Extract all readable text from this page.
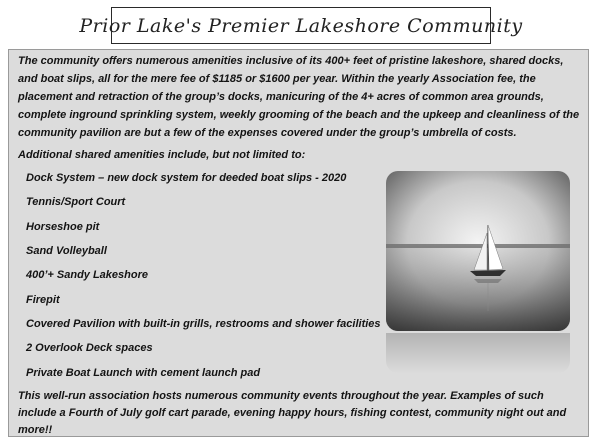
Prior Lake's Premier Lakeshore Community
The community offers numerous amenities inclusive of its 400+ feet of pristine lakeshore, shared docks,
and boat slips, all for the mere fee of $1185 or $1600 per year. Within the yearly Association fee, the
placement and retraction of the group’s docks, manicuring of the 4+ acres of common area grounds,
complete inground sprinkling system, weekly grooming of the beach and the upkeep and cleanliness of the
community pavilion are but a few of the expenses covered under the group’s umbrella of costs.
Additional shared amenities include, but not limited to:
Dock System – new dock system for deeded boat slips - 2020
Tennis/Sport Court
Horseshoe pit
Sand Volleyball
400’+ Sandy Lakeshore
Firepit
Covered Pavilion with built-in grills, restrooms and shower facilities
2 Overlook Deck spaces
Private Boat Launch with cement launch pad
This well-run association hosts numerous community events throughout the year. Examples of such
include a Fourth of July golf cart parade, evening happy hours, fishing contest, community night out and
more!!
